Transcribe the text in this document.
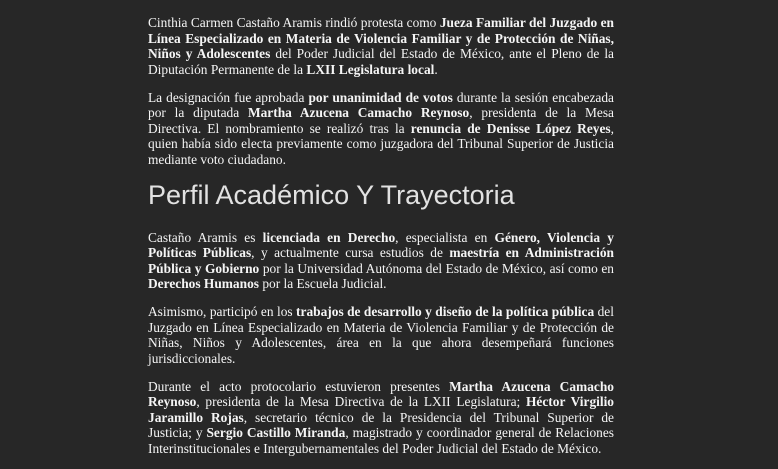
Cinthia Carmen Castaño Aramis rindió protesta como Jueza Familiar del Juzgado en Línea Especializado en Materia de Violencia Familiar y de Protección de Niñas, Niños y Adolescentes del Poder Judicial del Estado de México, ante el Pleno de la Diputación Permanente de la LXII Legislatura local.

La designación fue aprobada por unanimidad de votos durante la sesión encabezada por la diputada Martha Azucena Camacho Reynoso, presidenta de la Mesa Directiva. El nombramiento se realizó tras la renuncia de Denisse López Reyes, quien había sido electa previamente como juzgadora del Tribunal Superior de Justicia mediante voto ciudadano.

Perfil Académico Y Trayectoria

Castaño Aramis es licenciada en Derecho, especialista en Género, Violencia y Políticas Públicas, y actualmente cursa estudios de maestría en Administración Pública y Gobierno por la Universidad Autónoma del Estado de México, así como en Derechos Humanos por la Escuela Judicial.

Asimismo, participó en los trabajos de desarrollo y diseño de la política pública del Juzgado en Línea Especializado en Materia de Violencia Familiar y de Protección de Niñas, Niños y Adolescentes, área en la que ahora desempeñará funciones jurisdiccionales.

Durante el acto protocolario estuvieron presentes Martha Azucena Camacho Reynoso, presidenta de la Mesa Directiva de la LXII Legislatura; Héctor Virgilio Jaramillo Rojas, secretario técnico de la Presidencia del Tribunal Superior de Justicia; y Sergio Castillo Miranda, magistrado y coordinador general de Relaciones Interinstitucionales e Intergubernamentales del Poder Judicial del Estado de México.
